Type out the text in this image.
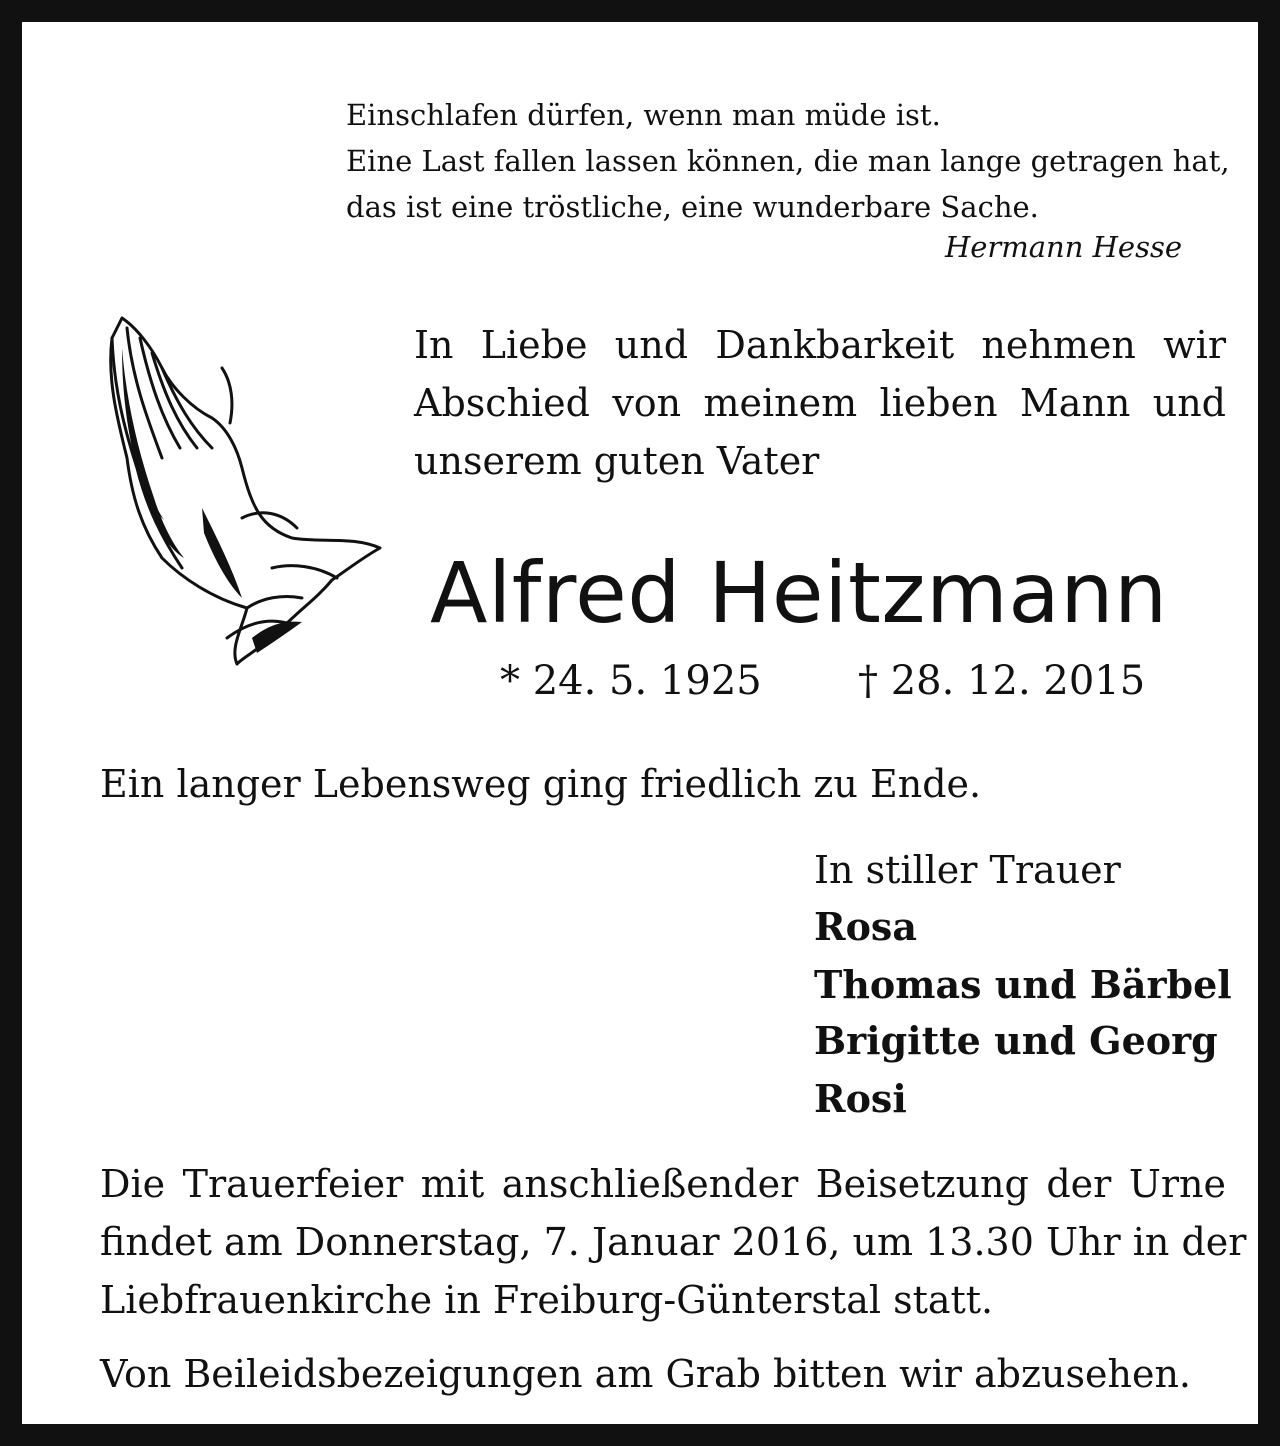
Einschlafen dürfen, wenn man müde ist.
Eine Last fallen lassen können, die man lange getragen hat,
das ist eine tröstliche, eine wunderbare Sache.
Hermann Hesse
In Liebe und Dankbarkeit nehmen wir
Abschied von meinem lieben Mann und
unserem guten Vater
Alfred Heitzmann
* 24. 5. 1925 † 28. 12. 2015
Ein langer Lebensweg ging friedlich zu Ende.
In stiller Trauer
Rosa
Thomas und Bärbel
Brigitte und Georg
Rosi
Die Trauerfeier mit anschließender Beisetzung der Urne
findet am Donnerstag, 7. Januar 2016, um 13.30 Uhr in der
Liebfrauenkirche in Freiburg-Günterstal statt.
Von Beileidsbezeigungen am Grab bitten wir abzusehen.
